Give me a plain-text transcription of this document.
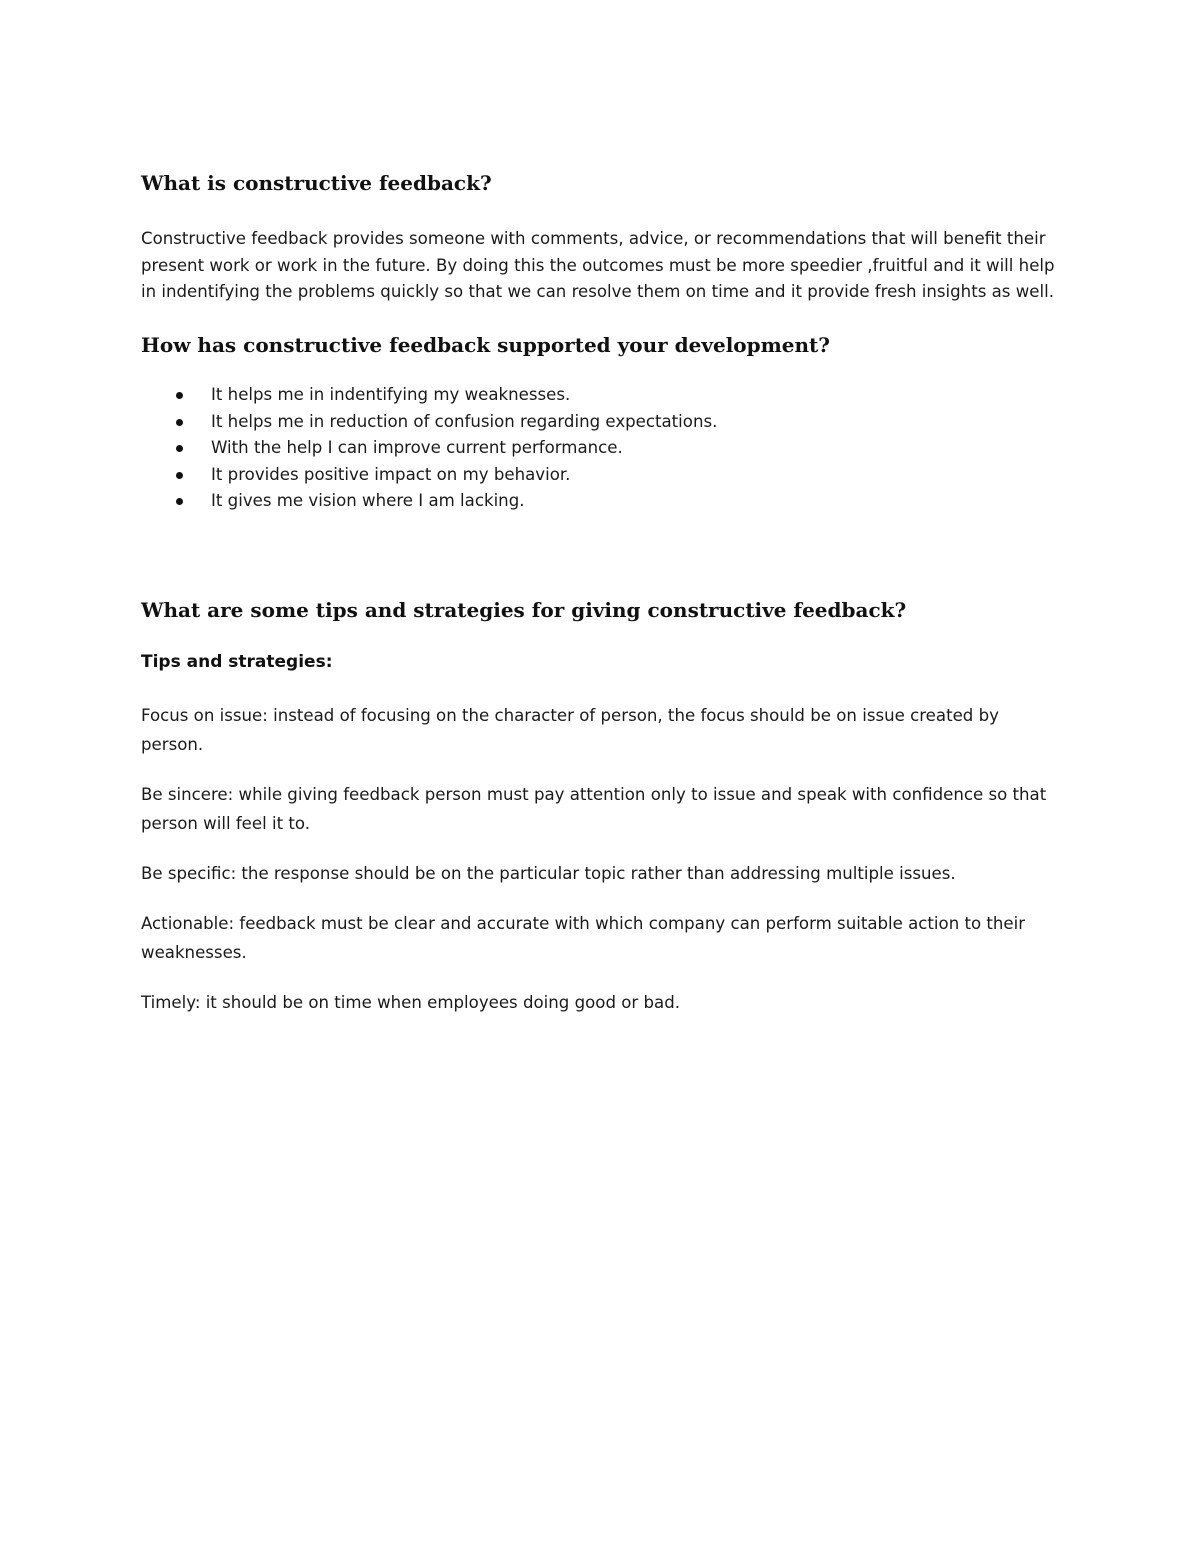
What is constructive feedback?

Constructive feedback provides someone with comments, advice, or recommendations that will benefit their present work or work in the future. By doing this the outcomes must be more speedier ,fruitful and it will help in indentifying the problems quickly so that we can resolve them on time and it provide fresh insights as well.

How has constructive feedback supported your development?
It helps me in indentifying my weaknesses.
It helps me in reduction of confusion regarding expectations.
With the help I can improve current performance.
It provides positive impact on my behavior.
It gives me vision where I am lacking.
What are some tips and strategies for giving constructive feedback?

Tips and strategies:

Focus on issue: instead of focusing on the character of person, the focus should be on issue created by person.

Be sincere: while giving feedback person must pay attention only to issue and speak with confidence so that person will feel it to.

Be specific: the response should be on the particular topic rather than addressing multiple issues.

Actionable: feedback must be clear and accurate with which company can perform suitable action to their weaknesses.

Timely: it should be on time when employees doing good or bad.
